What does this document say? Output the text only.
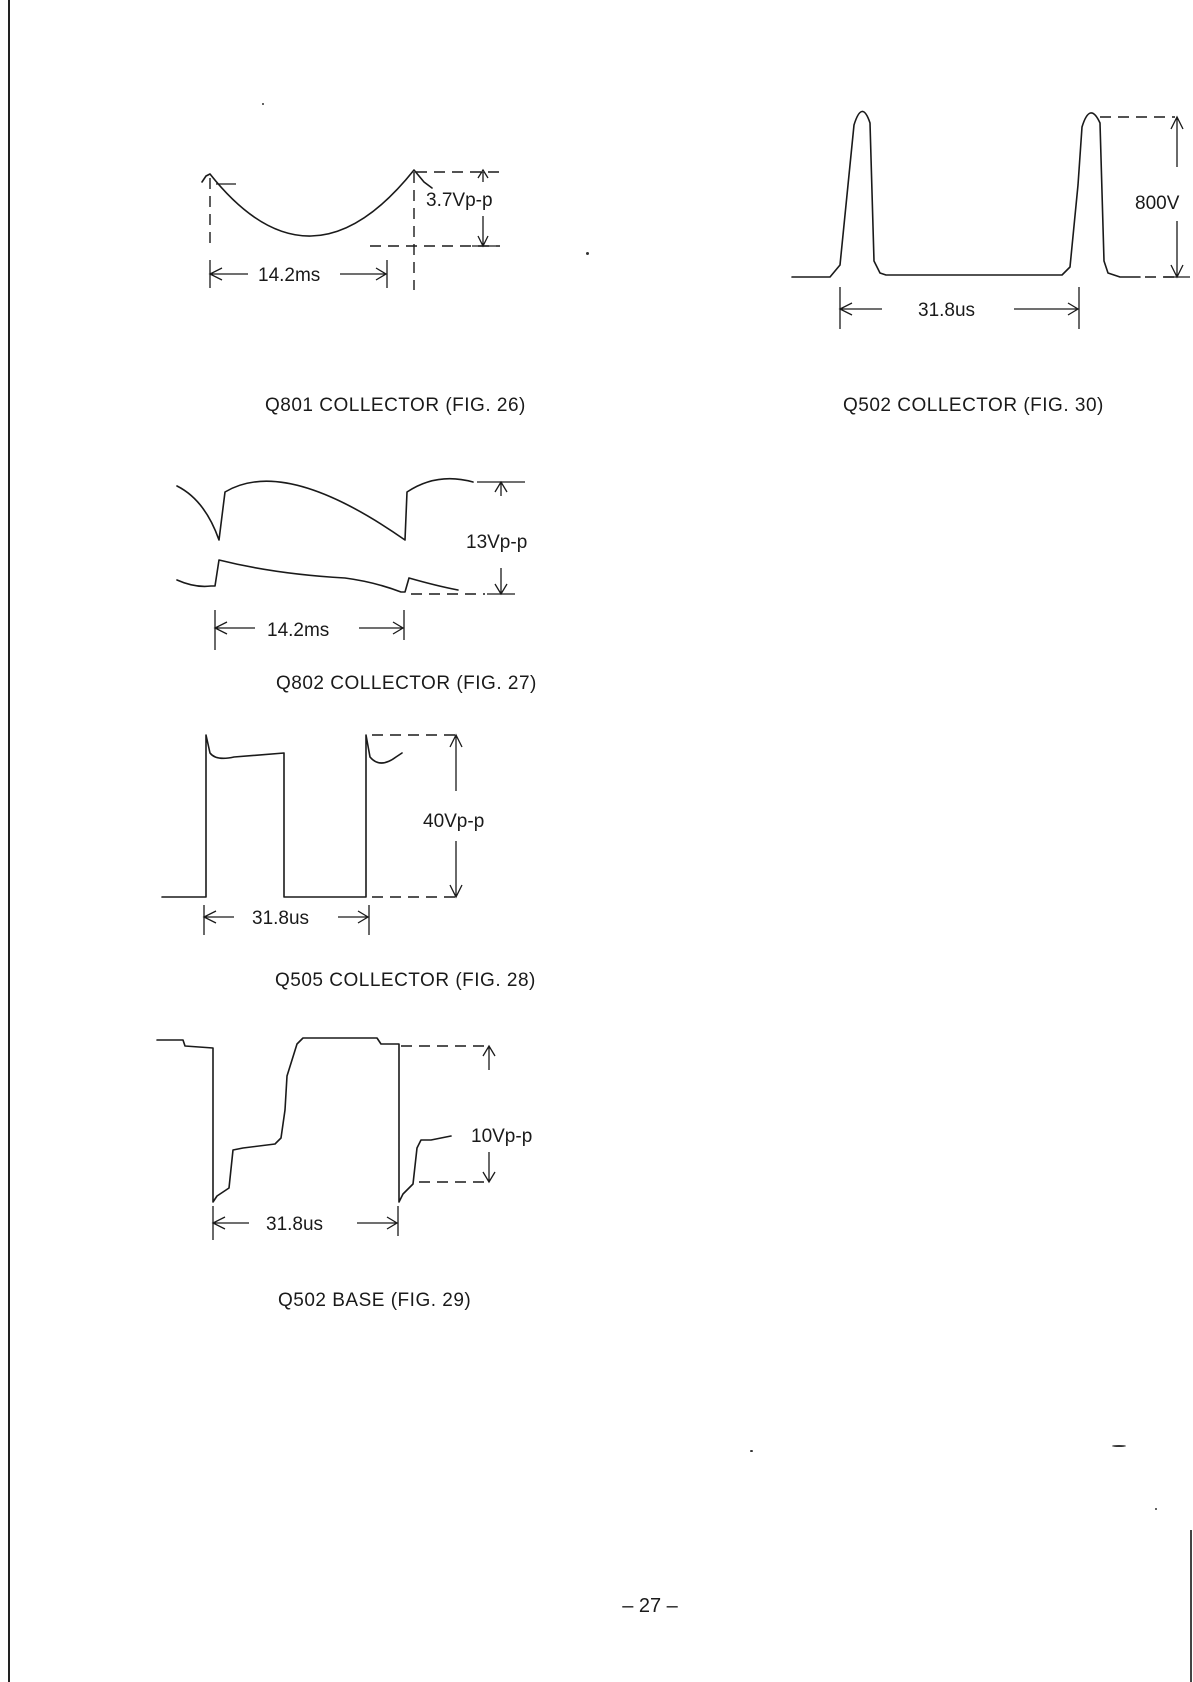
3.7Vp-p
14.2ms
Q801 COLLECTOR (FIG. 26)
800V
31.8us
Q502 COLLECTOR (FIG. 30)
13Vp-p
14.2ms
Q802 COLLECTOR (FIG. 27)
40Vp-p
31.8us
Q505 COLLECTOR (FIG. 28)
10Vp-p
31.8us
Q502 BASE (FIG. 29)
– 27 –
